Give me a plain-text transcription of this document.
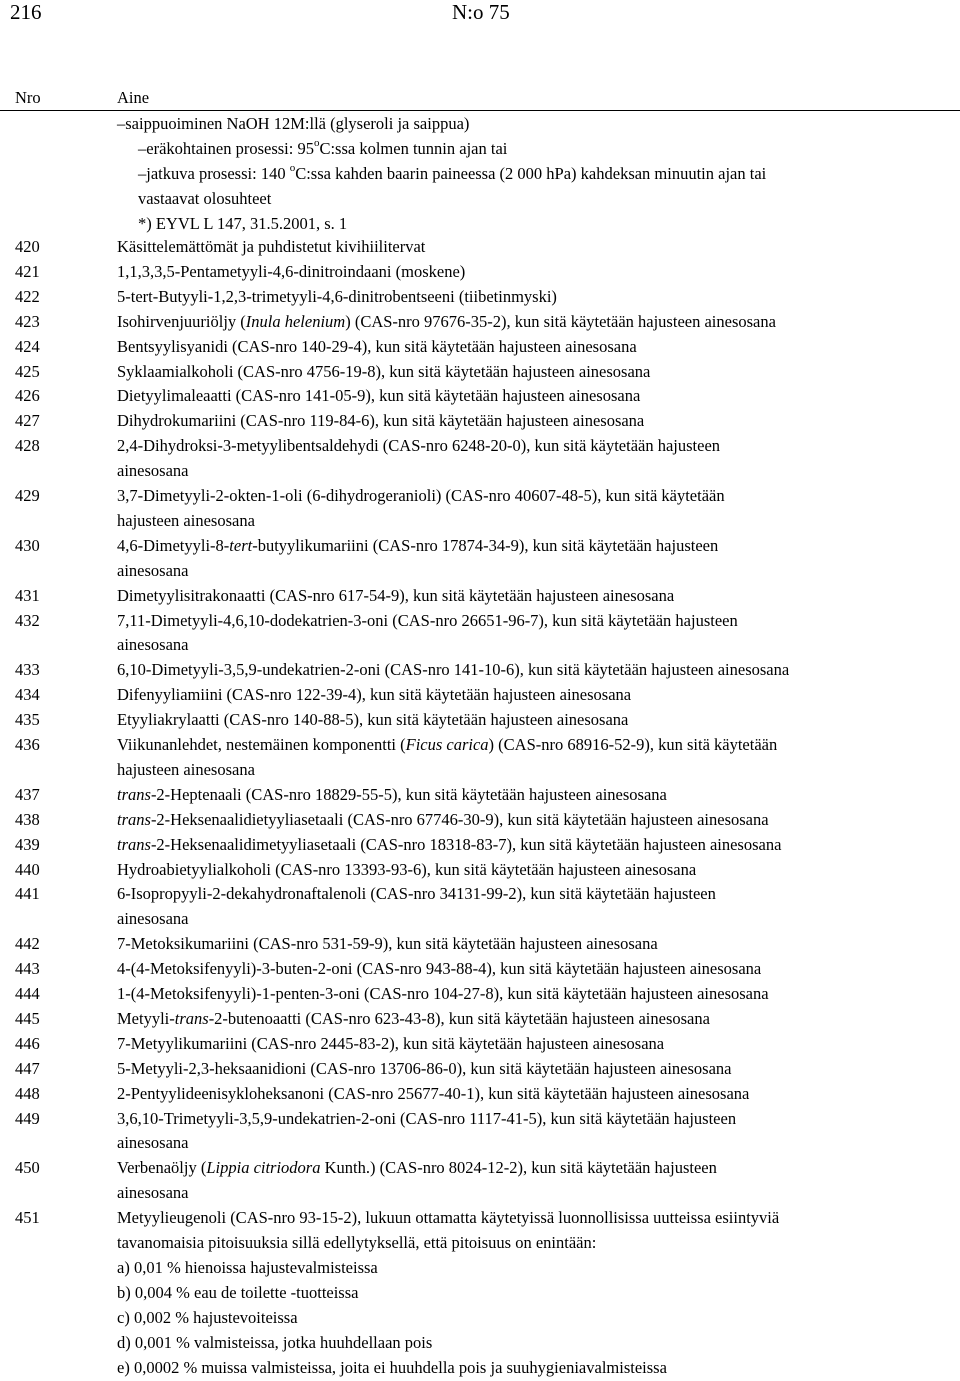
216	N:o 75
Nro	Aine
–saippuoiminen NaOH 12M:llä (glyseroli ja saippua)
–eräkohtainen prosessi: 95$^o$C:ssa kolmen tunnin ajan tai
–jatkuva prosessi: 140 $^o$C:ssa kahden baarin paineessa (2 000 hPa) kahdeksan minuutin ajan tai
vastaavat olosuhteet
*) EYVL L 147, 31.5.2001, s. 1
420	Käsittelemättömät ja puhdistetut kivihiilitervat
421	1,1,3,3,5-Pentametyyli-4,6-dinitroindaani (moskene)
422	5-tert-Butyyli-1,2,3-trimetyyli-4,6-dinitrobentseeni (tiibetinmyski)
423	Isohirvenjuuriöljy (Inula helenium) (CAS-nro 97676-35-2), kun sitä käytetään hajusteen ainesosana
424	Bentsyylisyanidi (CAS-nro 140-29-4), kun sitä käytetään hajusteen ainesosana
425	Syklaamialkoholi (CAS-nro 4756-19-8), kun sitä käytetään hajusteen ainesosana
426	Dietyylimaleaatti (CAS-nro 141-05-9), kun sitä käytetään hajusteen ainesosana
427	Dihydrokumariini (CAS-nro 119-84-6), kun sitä käytetään hajusteen ainesosana
428	2,4-Dihydroksi-3-metyylibentsaldehydi (CAS-nro 6248-20-0), kun sitä käytetään hajusteen
ainesosana
429	3,7-Dimetyyli-2-okten-1-oli (6-dihydrogeranioli) (CAS-nro 40607-48-5), kun sitä käytetään
hajusteen ainesosana
430	4,6-Dimetyyli-8-tert-butyylikumariini (CAS-nro 17874-34-9), kun sitä käytetään hajusteen
ainesosana
431	Dimetyylisitrakonaatti (CAS-nro 617-54-9), kun sitä käytetään hajusteen ainesosana
432	7,11-Dimetyyli-4,6,10-dodekatrien-3-oni (CAS-nro 26651-96-7), kun sitä käytetään hajusteen
ainesosana
433	6,10-Dimetyyli-3,5,9-undekatrien-2-oni (CAS-nro 141-10-6), kun sitä käytetään hajusteen ainesosana
434	Difenyyliamiini (CAS-nro 122-39-4), kun sitä käytetään hajusteen ainesosana
435	Etyyliakrylaatti (CAS-nro 140-88-5), kun sitä käytetään hajusteen ainesosana
436	Viikunanlehdet, nestemäinen komponentti (Ficus carica) (CAS-nro 68916-52-9), kun sitä käytetään
hajusteen ainesosana
437	trans-2-Heptenaali (CAS-nro 18829-55-5), kun sitä käytetään hajusteen ainesosana
438	trans-2-Heksenaalidietyyliasetaali (CAS-nro 67746-30-9), kun sitä käytetään hajusteen ainesosana
439	trans-2-Heksenaalidimetyyliasetaali (CAS-nro 18318-83-7), kun sitä käytetään hajusteen ainesosana
440	Hydroabietyylialkoholi (CAS-nro 13393-93-6), kun sitä käytetään hajusteen ainesosana
441	6-Isopropyyli-2-dekahydronaftalenoli (CAS-nro 34131-99-2), kun sitä käytetään hajusteen
ainesosana
442	7-Metoksikumariini (CAS-nro 531-59-9), kun sitä käytetään hajusteen ainesosana
443	4-(4-Metoksifenyyli)-3-buten-2-oni (CAS-nro 943-88-4), kun sitä käytetään hajusteen ainesosana
444	1-(4-Metoksifenyyli)-1-penten-3-oni (CAS-nro 104-27-8), kun sitä käytetään hajusteen ainesosana
445	Metyyli-trans-2-butenoaatti (CAS-nro 623-43-8), kun sitä käytetään hajusteen ainesosana
446	7-Metyylikumariini (CAS-nro 2445-83-2), kun sitä käytetään hajusteen ainesosana
447	5-Metyyli-2,3-heksaanidioni (CAS-nro 13706-86-0), kun sitä käytetään hajusteen ainesosana
448	2-Pentyylideenisykloheksanoni (CAS-nro 25677-40-1), kun sitä käytetään hajusteen ainesosana
449	3,6,10-Trimetyyli-3,5,9-undekatrien-2-oni (CAS-nro 1117-41-5), kun sitä käytetään hajusteen
ainesosana
450	Verbenaöljy (Lippia citriodora Kunth.) (CAS-nro 8024-12-2), kun sitä käytetään hajusteen
ainesosana
451	Metyylieugenoli (CAS-nro 93-15-2), lukuun ottamatta käytetyissä luonnollisissa uutteissa esiintyviä
tavanomaisia pitoisuuksia sillä edellytyksellä, että pitoisuus on enintään:
a) 0,01 % hienoissa hajustevalmisteissa
b) 0,004 % eau de toilette -tuotteissa
c) 0,002 % hajustevoiteissa
d) 0,001 % valmisteissa, jotka huuhdellaan pois
e) 0,0002 % muissa valmisteissa, joita ei huuhdella pois ja suuhygieniavalmisteissa
